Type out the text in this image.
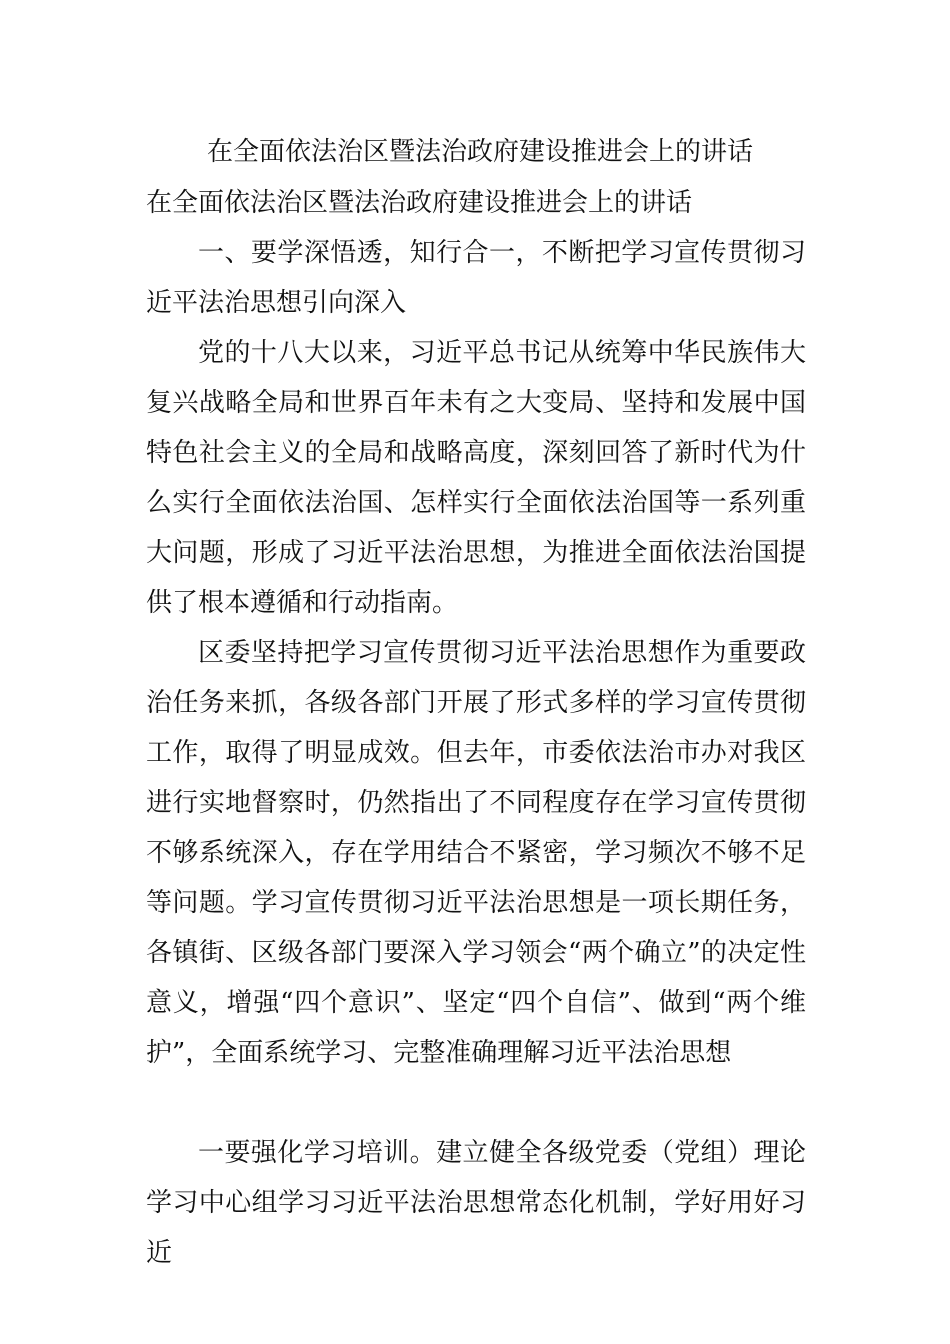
在全面依法治区暨法治政府建设推进会上的讲话

在全面依法治区暨法治政府建设推进会上的讲话

一、要学深悟透，知行合一，不断把学习宣传贯彻习近平法治思想引向深入

党的十八大以来，习近平总书记从统筹中华民族伟大复兴战略全局和世界百年未有之大变局、坚持和发展中国特色社会主义的全局和战略高度，深刻回答了新时代为什么实行全面依法治国、怎样实行全面依法治国等一系列重大问题，形成了习近平法治思想，为推进全面依法治国提供了根本遵循和行动指南。

区委坚持把学习宣传贯彻习近平法治思想作为重要政治任务来抓，各级各部门开展了形式多样的学习宣传贯彻工作，取得了明显成效。但去年，市委依法治市办对我区进行实地督察时，仍然指出了不同程度存在学习宣传贯彻不够系统深入，存在学用结合不紧密，学习频次不够不足等问题。学习宣传贯彻习近平法治思想是一项长期任务，各镇街、区级各部门要深入学习领会“两个确立”的决定性意义，增强“四个意识”、坚定“四个自信”、做到“两个维护”，全面系统学习、完整准确理解习近平法治思想

一要强化学习培训。建立健全各级党委（党组）理论学习中心组学习习近平法治思想常态化机制，学好用好习近
